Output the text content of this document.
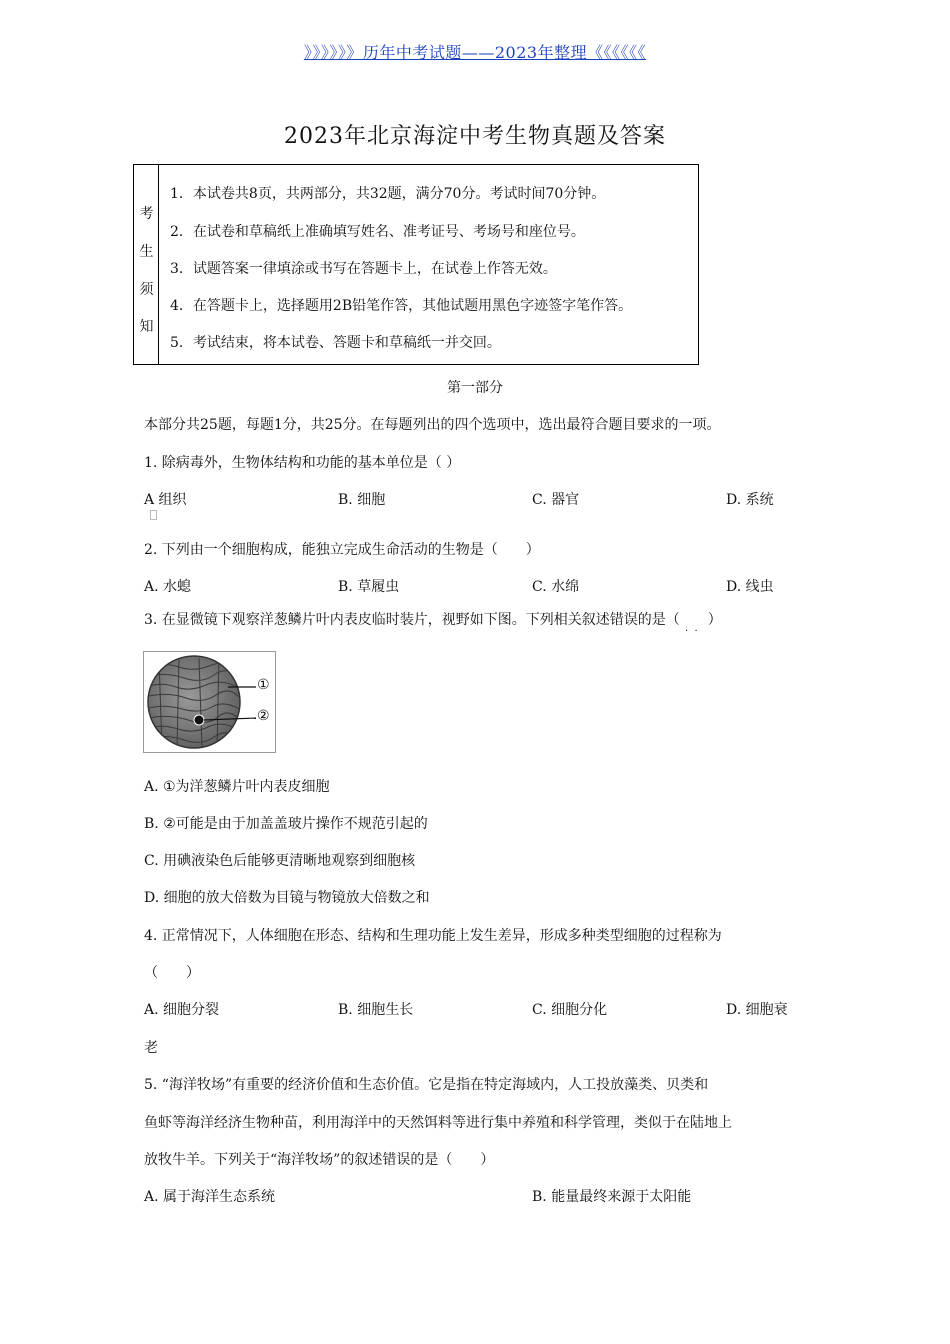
》》》》》》历年中考试题——2023年整理《《《《《《
2023年北京海淀中考生物真题及答案
考
生
须
知
1．本试卷共8页，共两部分，共32题，满分70分。考试时间70分钟。
2．在试卷和草稿纸上准确填写姓名、准考证号、考场号和座位号。
3．试题答案一律填涂或书写在答题卡上，在试卷上作答无效。
4．在答题卡上，选择题用2B铅笔作答，其他试题用黑色字迹签字笔作答。
5．考试结束，将本试卷、答题卡和草稿纸一并交回。
第一部分
本部分共25题，每题1分，共25分。在每题列出的四个选项中，选出最符合题目要求的一项。
1. 除病毒外，生物体结构和功能的基本单位是（ ）
A 组织	B. 细胞	C. 器官	D. 系统
2. 下列由一个细胞构成，能独立完成生命活动的生物是（　　）
A. 水螅	B. 草履虫	C. 水绵	D. 线虫
3. 在显微镜下观察洋葱鳞片叶内表皮临时装片，视野如下图。下列相关叙述错误的是（　　）
·  ·
①
②
A. ①为洋葱鳞片叶内表皮细胞
B. ②可能是由于加盖盖玻片操作不规范引起的
C. 用碘液染色后能够更清晰地观察到细胞核
D. 细胞的放大倍数为目镜与物镜放大倍数之和
4. 正常情况下，人体细胞在形态、结构和生理功能上发生差异，形成多种类型细胞的过程称为
（　　）
A. 细胞分裂	B. 细胞生长	C. 细胞分化	D. 细胞衰
老
5. “海洋牧场”有重要的经济价值和生态价值。它是指在特定海域内，人工投放藻类、贝类和
鱼虾等海洋经济生物种苗，利用海洋中的天然饵料等进行集中养殖和科学管理，类似于在陆地上
放牧牛羊。下列关于“海洋牧场”的叙述错误的是（　　）
A. 属于海洋生态系统	B. 能量最终来源于太阳能
